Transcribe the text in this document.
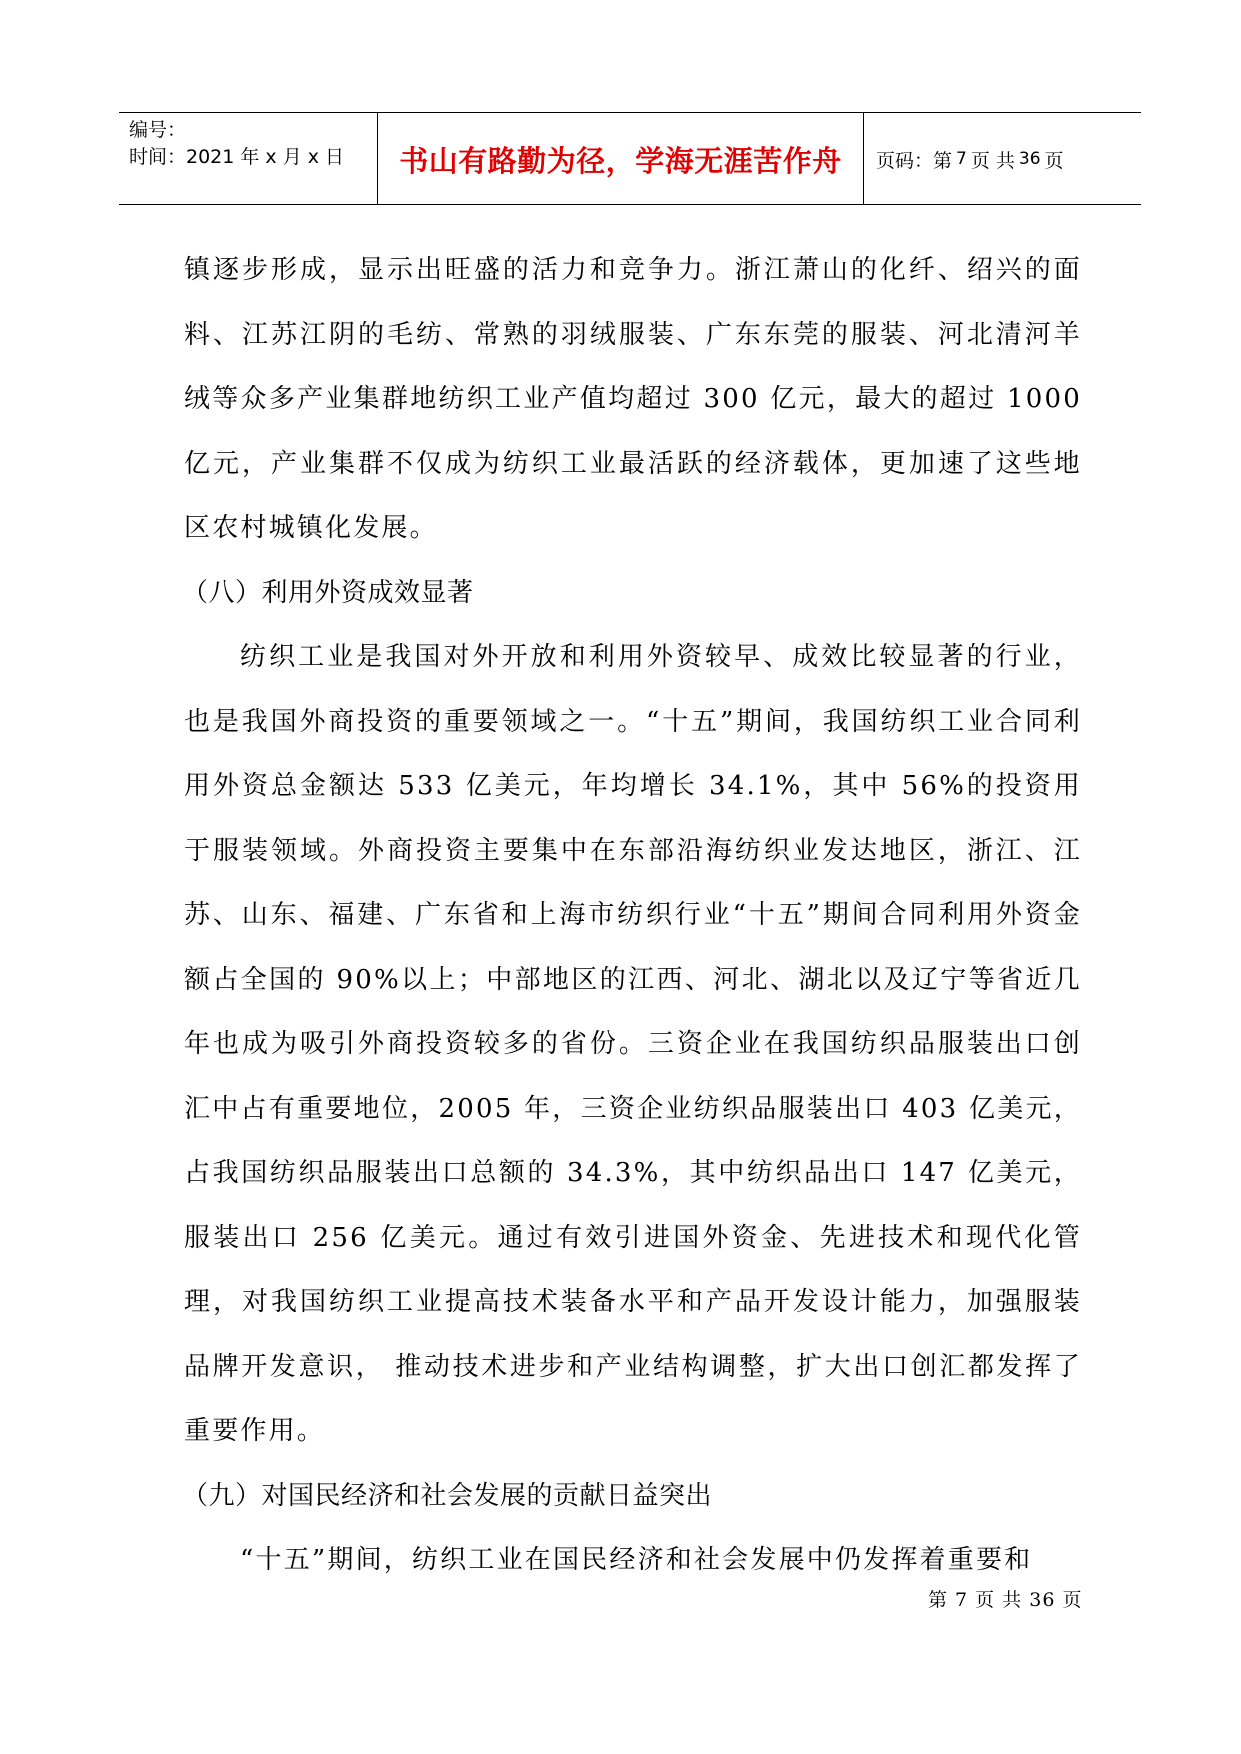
编号：
时间：2021 年 x 月 x 日	书山有路勤为径，学海无涯苦作舟	页码：第 7 页 共 36 页

镇逐步形成，显示出旺盛的活力和竞争力。浙江萧山的化纤、绍兴的面料、江苏江阴的毛纺、常熟的羽绒服装、广东东莞的服装、河北清河羊绒等众多产业集群地纺织工业产值均超过 300 亿元，最大的超过 1000 亿元，产业集群不仅成为纺织工业最活跃的经济载体，更加速了这些地区农村城镇化发展。

（八）利用外资成效显著

纺织工业是我国对外开放和利用外资较早、成效比较显著的行业，也是我国外商投资的重要领域之一。“十五”期间，我国纺织工业合同利用外资总金额达 533 亿美元，年均增长 34.1%，其中 56%的投资用于服装领域。外商投资主要集中在东部沿海纺织业发达地区，浙江、江苏、山东、福建、广东省和上海市纺织行业“十五”期间合同利用外资金额占全国的 90%以上；中部地区的江西、河北、湖北以及辽宁等省近几年也成为吸引外商投资较多的省份。三资企业在我国纺织品服装出口创汇中占有重要地位，2005 年，三资企业纺织品服装出口 403 亿美元，占我国纺织品服装出口总额的 34.3%，其中纺织品出口 147 亿美元，服装出口 256 亿美元。通过有效引进国外资金、先进技术和现代化管理，对我国纺织工业提高技术装备水平和产品开发设计能力，加强服装品牌开发意识， 推动技术进步和产业结构调整，扩大出口创汇都发挥了重要作用。

（九）对国民经济和社会发展的贡献日益突出

“十五”期间，纺织工业在国民经济和社会发展中仍发挥着重要和

第 7 页 共 36 页
